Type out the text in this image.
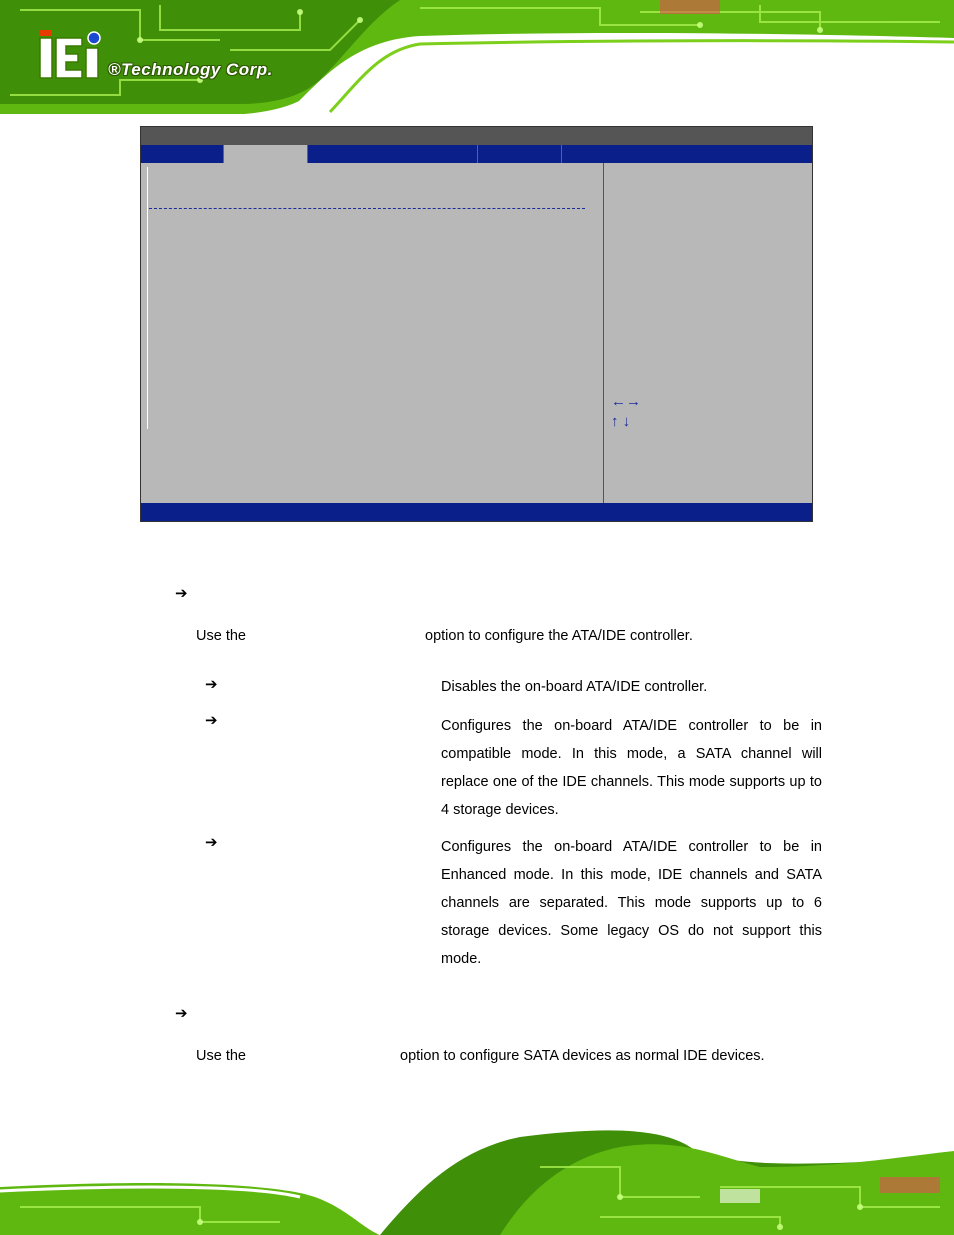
®Technology Corp.
←→
↑ ↓
➔
Use the	option to configure the ATA/IDE controller.
➔	Disables the on-board ATA/IDE controller.
➔	Configures the on-board ATA/IDE controller to be in compatible mode. In this mode, a SATA channel will replace one of the IDE channels. This mode supports up to 4 storage devices.
➔	Configures the on-board ATA/IDE controller to be in Enhanced mode. In this mode, IDE channels and SATA channels are separated. This mode supports up to 6 storage devices. Some legacy OS do not support this mode.
➔
Use the	option to configure SATA devices as normal IDE devices.
